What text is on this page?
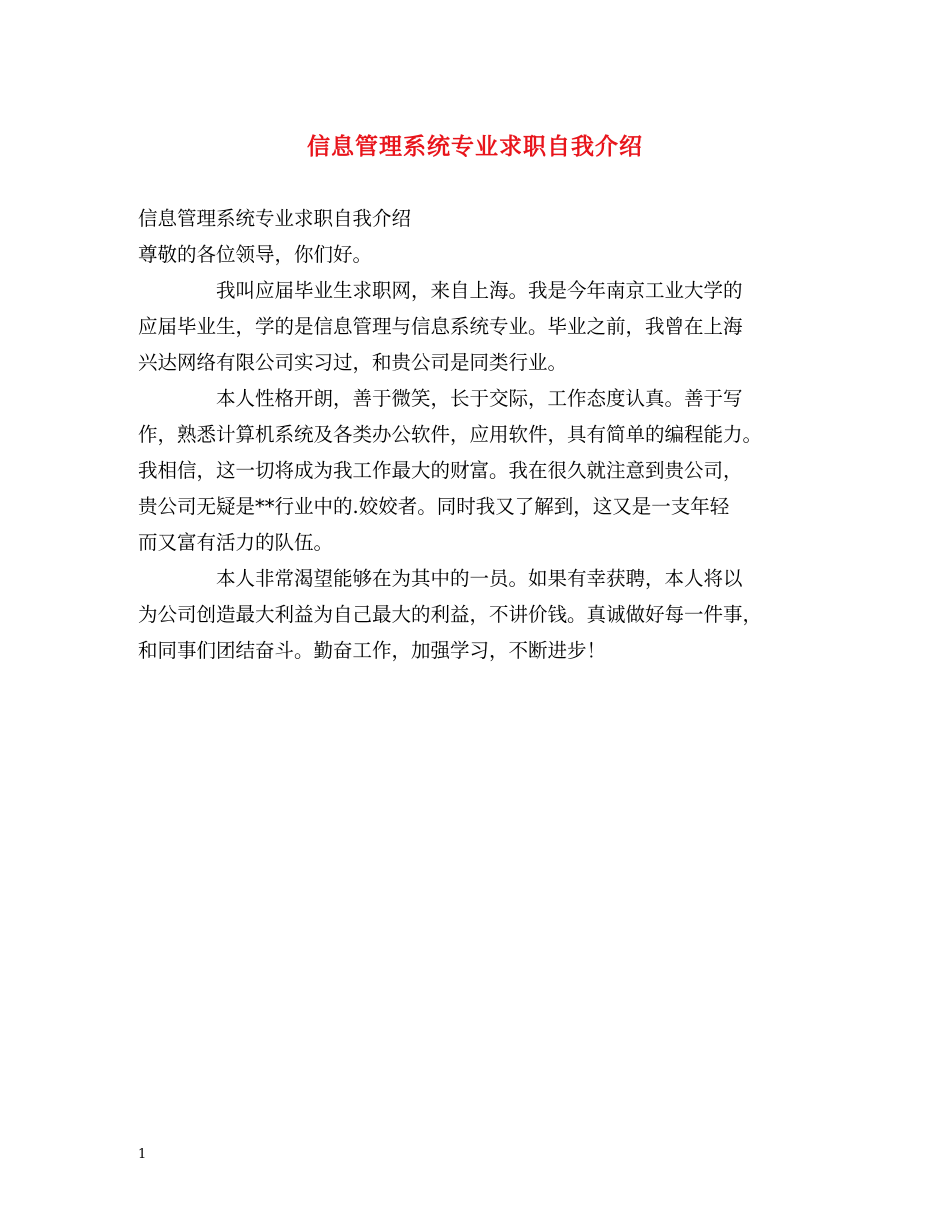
信息管理系统专业求职自我介绍
信息管理系统专业求职自我介绍
尊敬的各位领导，你们好。
我叫应届毕业生求职网，来自上海。我是今年南京工业大学的
应届毕业生，学的是信息管理与信息系统专业。毕业之前，我曾在上海
兴达网络有限公司实习过，和贵公司是同类行业。
本人性格开朗，善于微笑，长于交际，工作态度认真。善于写
作，熟悉计算机系统及各类办公软件，应用软件，具有简单的编程能力。
我相信，这一切将成为我工作最大的财富。我在很久就注意到贵公司，
贵公司无疑是**行业中的.姣姣者。同时我又了解到，这又是一支年轻
而又富有活力的队伍。
本人非常渴望能够在为其中的一员。如果有幸获聘，本人将以
为公司创造最大利益为自己最大的利益，不讲价钱。真诚做好每一件事，
和同事们团结奋斗。勤奋工作，加强学习，不断进步！
1
